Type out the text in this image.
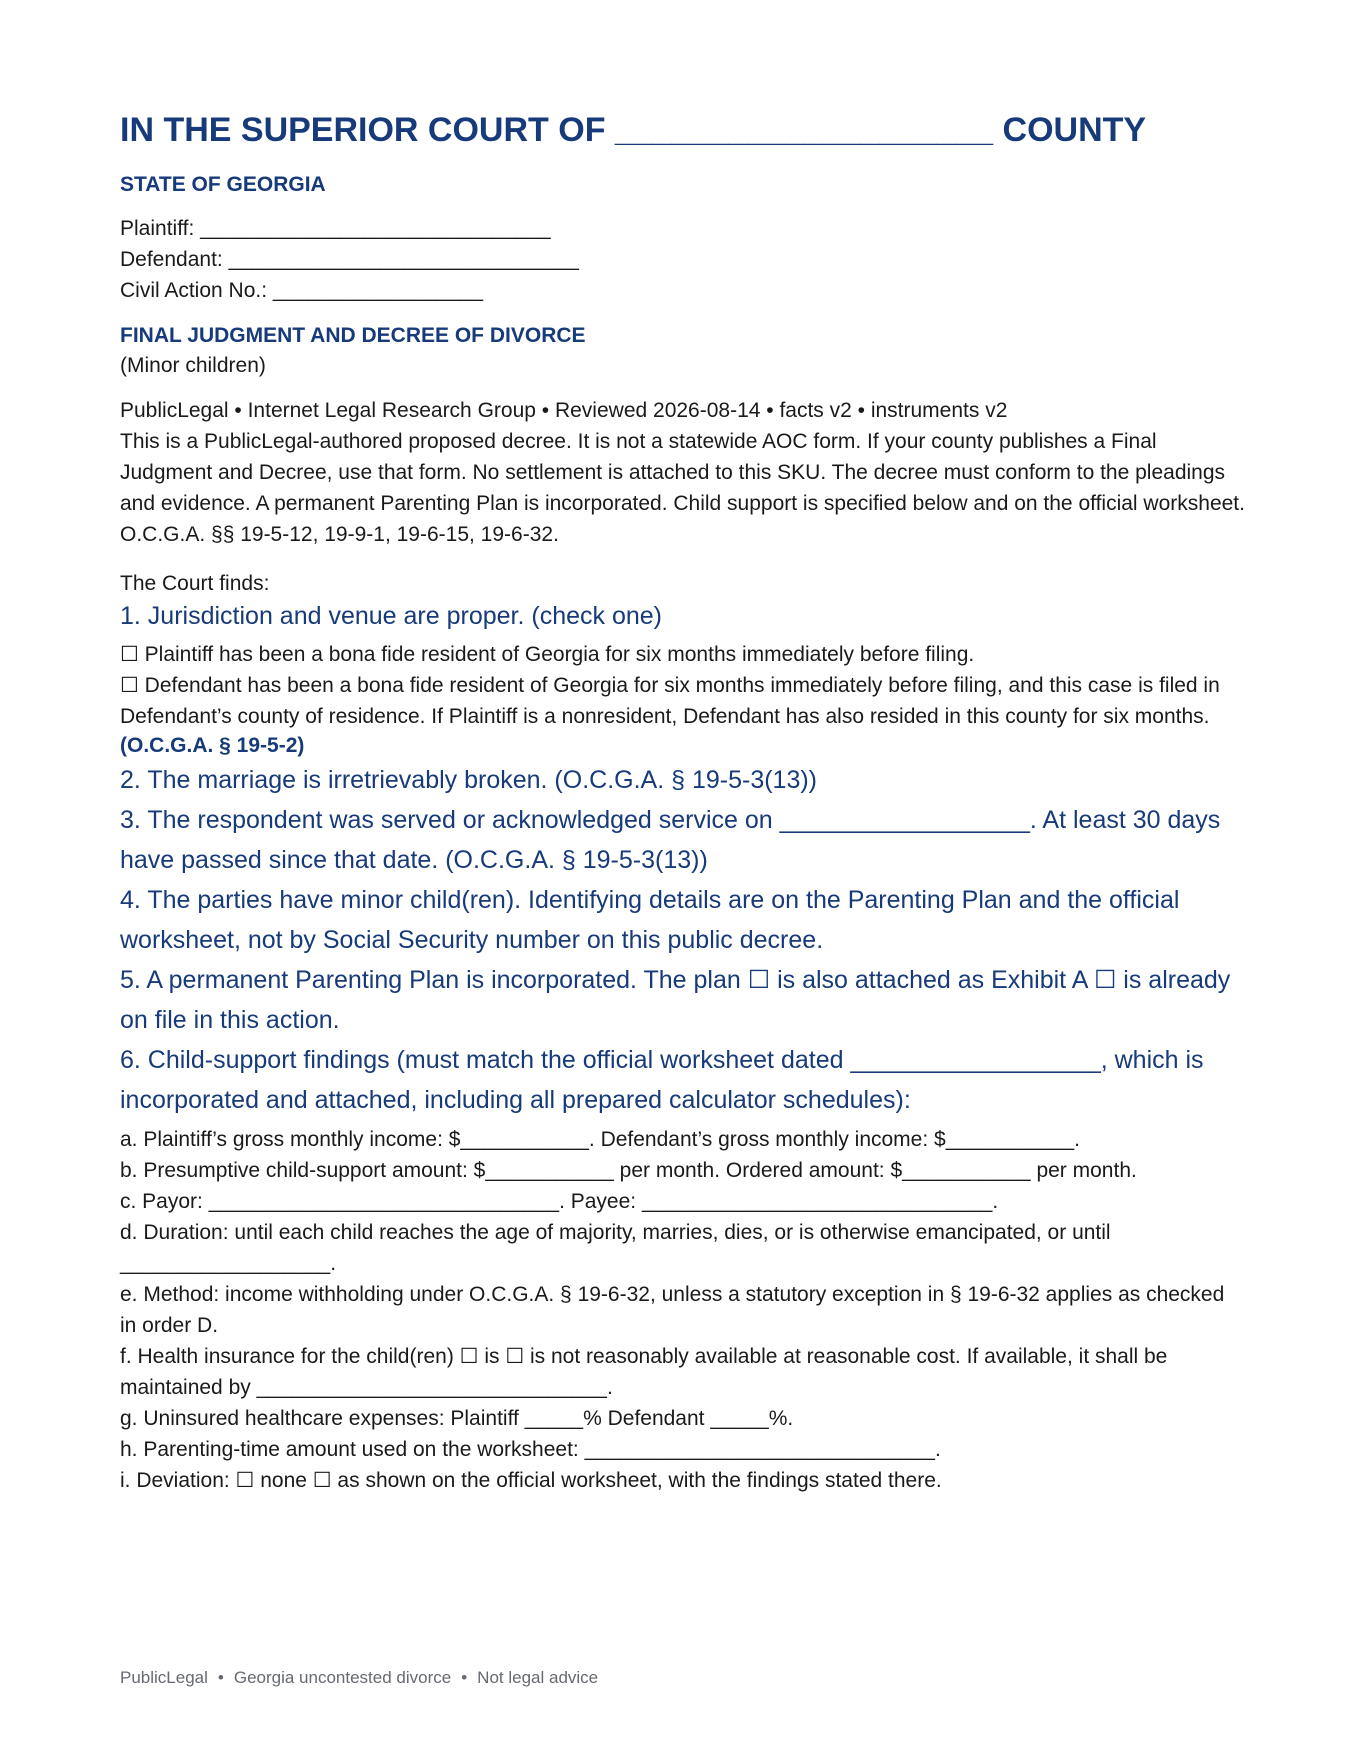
IN THE SUPERIOR COURT OF ____________________ COUNTY

STATE OF GEORGIA

Plaintiff: ______________________________

Defendant: ______________________________

Civil Action No.: __________________

FINAL JUDGMENT AND DECREE OF DIVORCE

(Minor children)

PublicLegal • Internet Legal Research Group • Reviewed 2026-08-14 • facts v2 • instruments v2

This is a PublicLegal-authored proposed decree. It is not a statewide AOC form. If your county publishes a Final Judgment and Decree, use that form. No settlement is attached to this SKU. The decree must conform to the pleadings and evidence. A permanent Parenting Plan is incorporated. Child support is specified below and on the official worksheet. O.C.G.A. §§ 19-5-12, 19-9-1, 19-6-15, 19-6-32.

The Court finds:

1. Jurisdiction and venue are proper. (check one)

☐ Plaintiff has been a bona fide resident of Georgia for six months immediately before filing.

☐ Defendant has been a bona fide resident of Georgia for six months immediately before filing, and this case is filed in Defendant’s county of residence. If Plaintiff is a nonresident, Defendant has also resided in this county for six months.

(O.C.G.A. § 19-5-2)

2. The marriage is irretrievably broken. (O.C.G.A. § 19-5-3(13))

3. The respondent was served or acknowledged service on __________________. At least 30 days have passed since that date. (O.C.G.A. § 19-5-3(13))

4. The parties have minor child(ren). Identifying details are on the Parenting Plan and the official worksheet, not by Social Security number on this public decree.

5. A permanent Parenting Plan is incorporated. The plan ☐ is also attached as Exhibit A ☐ is already on file in this action.

6. Child-support findings (must match the official worksheet dated __________________, which is incorporated and attached, including all prepared calculator schedules):

a. Plaintiff’s gross monthly income: $___________. Defendant’s gross monthly income: $___________.

b. Presumptive child-support amount: $___________ per month. Ordered amount: $___________ per month.

c. Payor: ______________________________. Payee: ______________________________.

d. Duration: until each child reaches the age of majority, marries, dies, or is otherwise emancipated, or until __________________.

e. Method: income withholding under O.C.G.A. § 19-6-32, unless a statutory exception in § 19-6-32 applies as checked in order D.

f. Health insurance for the child(ren) ☐ is ☐ is not reasonably available at reasonable cost. If available, it shall be maintained by ______________________________.

g. Uninsured healthcare expenses: Plaintiff _____% Defendant _____%.

h. Parenting-time amount used on the worksheet: ______________________________.

i. Deviation: ☐ none ☐ as shown on the official worksheet, with the findings stated there.

PublicLegal • Georgia uncontested divorce • Not legal advice
